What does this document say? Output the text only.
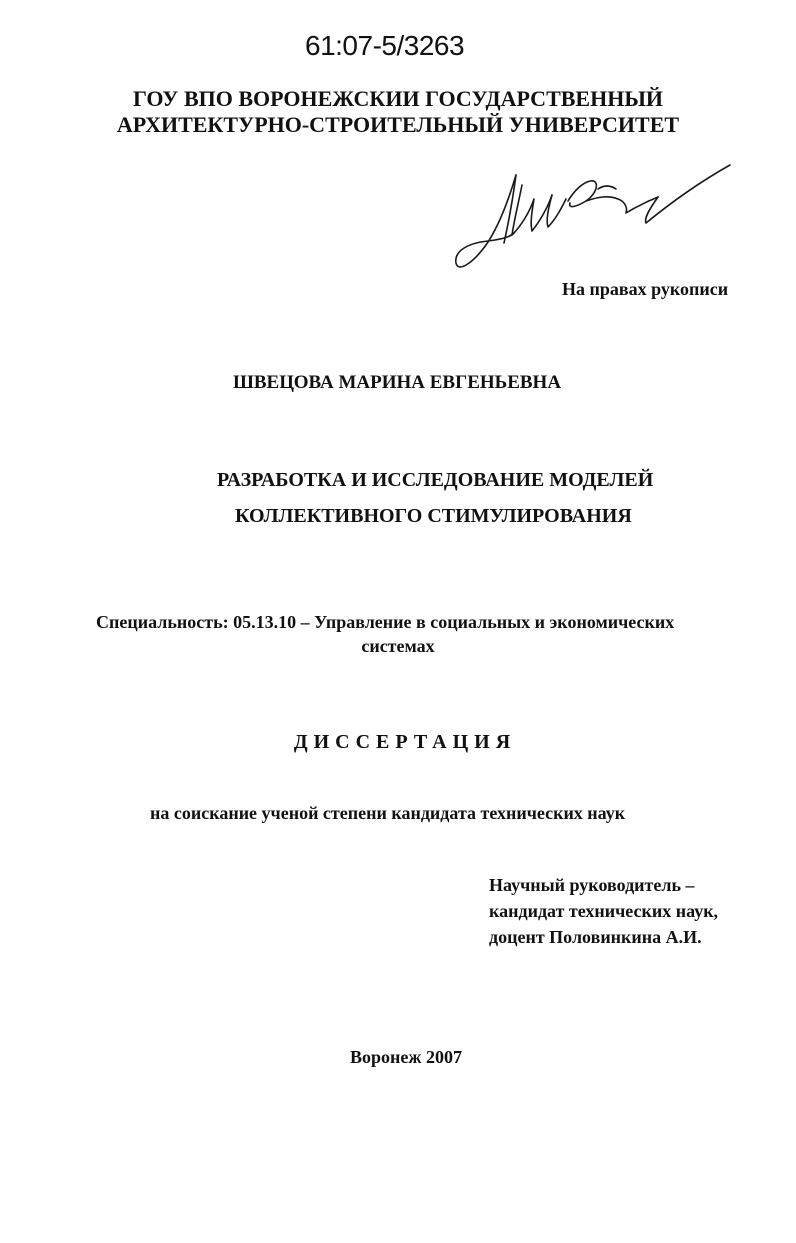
61:07-5/3263
ГОУ ВПО ВОРОНЕЖСКИИ ГОСУДАРСТВЕННЫЙ
АРХИТЕКТУРНО-СТРОИТЕЛЬНЫЙ УНИВЕРСИТЕТ
На правах рукописи
ШВЕЦОВА МАРИНА ЕВГЕНЬЕВНА
РАЗРАБОТКА И ИССЛЕДОВАНИЕ МОДЕЛЕЙ
КОЛЛЕКТИВНОГО СТИМУЛИРОВАНИЯ
Специальность: 05.13.10 – Управление в социальных и экономических
системах
ДИССЕРТАЦИЯ
на соискание ученой степени кандидата технических наук
Научный руководитель –
кандидат технических наук,
доцент Половинкина А.И.
Воронеж 2007
